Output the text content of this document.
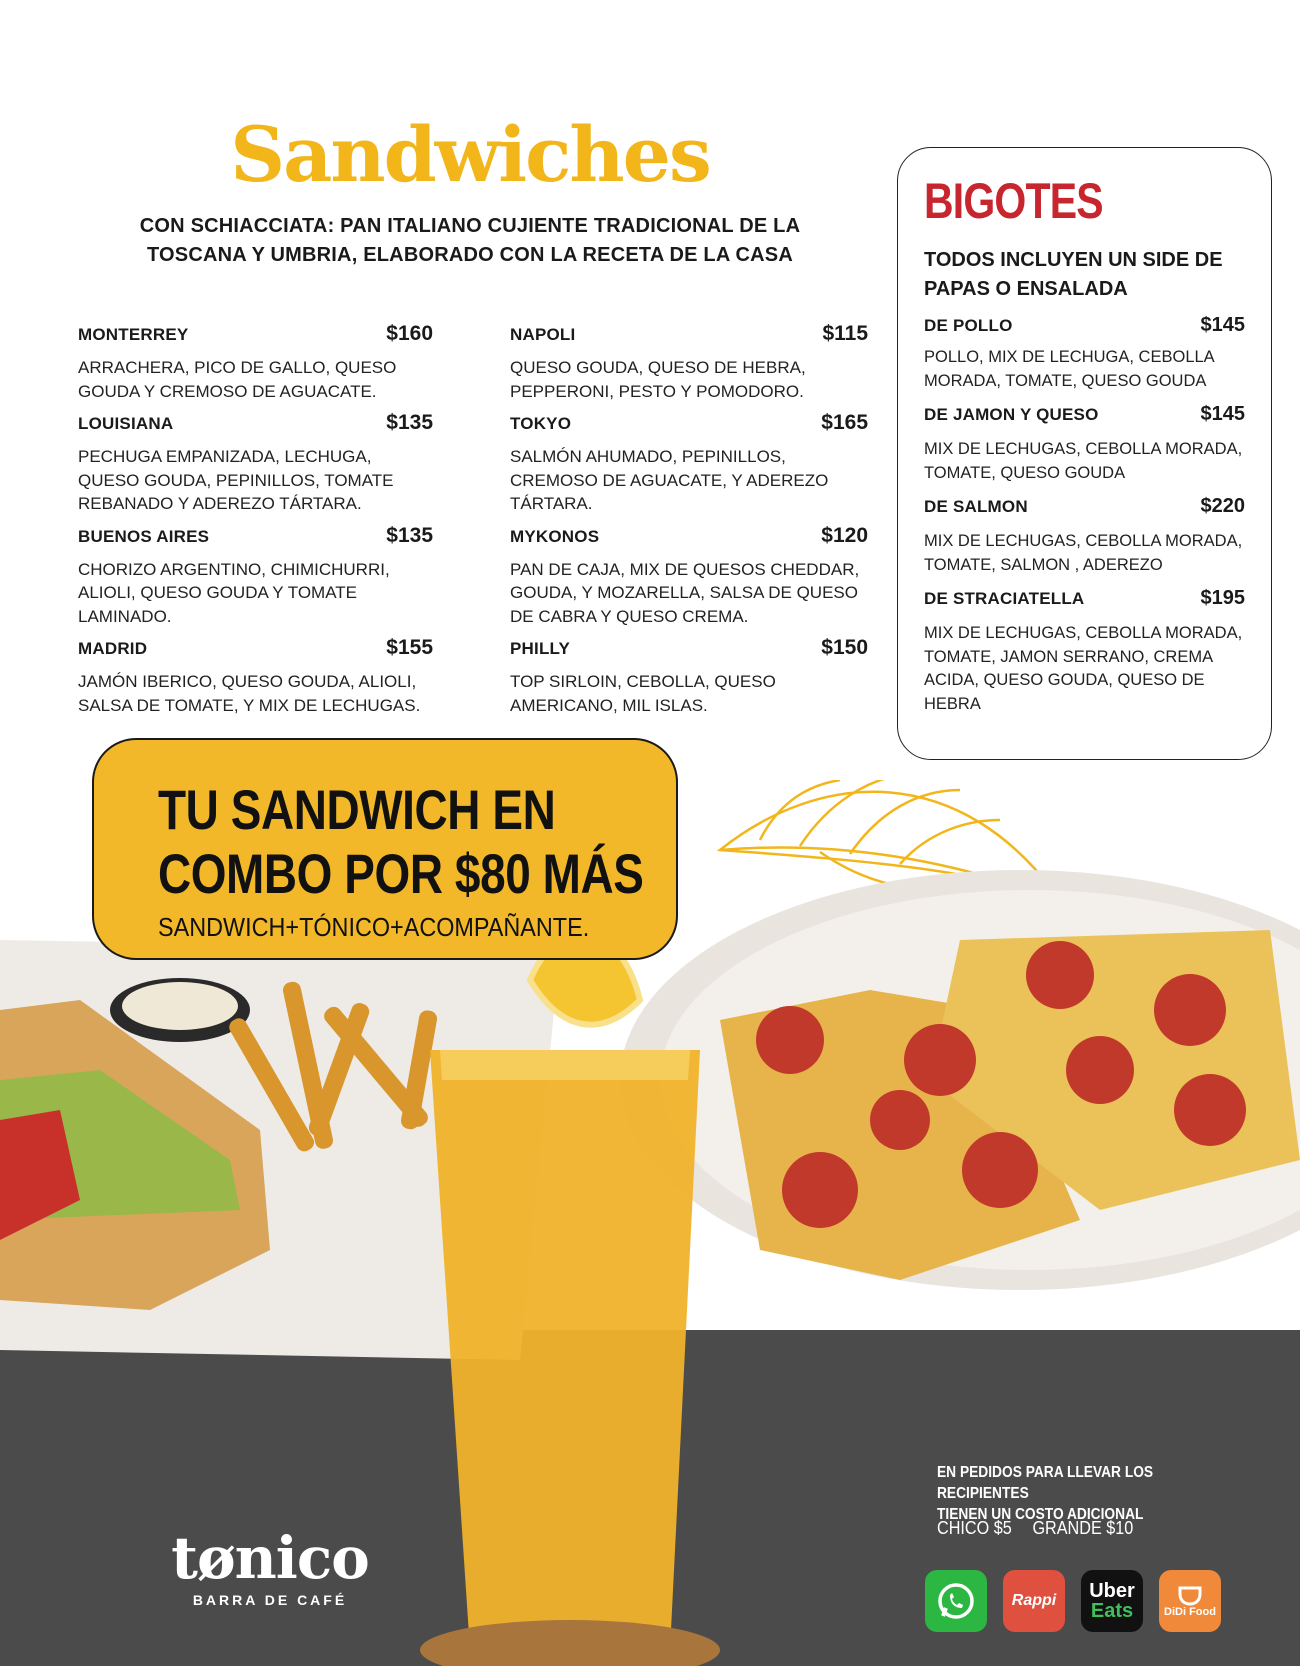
Sandwiches
CON SCHIACCIATA: PAN ITALIANO CUJIENTE TRADICIONAL DE LA
TOSCANA Y UMBRIA, ELABORADO CON LA RECETA DE LA CASA
MONTERREY	$160
ARRACHERA, PICO DE GALLO, QUESO GOUDA Y CREMOSO DE AGUACATE.
LOUISIANA	$135
PECHUGA EMPANIZADA, LECHUGA, QUESO GOUDA, PEPINILLOS, TOMATE REBANADO Y ADEREZO TÁRTARA.
BUENOS AIRES	$135
CHORIZO ARGENTINO, CHIMICHURRI, ALIOLI, QUESO GOUDA Y TOMATE LAMINADO.
MADRID	$155
JAMÓN IBERICO, QUESO GOUDA, ALIOLI, SALSA DE TOMATE, Y MIX DE LECHUGAS.
NAPOLI	$115
QUESO GOUDA, QUESO DE HEBRA, PEPPERONI, PESTO Y POMODORO.
TOKYO	$165
SALMÓN AHUMADO, PEPINILLOS, CREMOSO DE AGUACATE, Y ADEREZO TÁRTARA.
MYKONOS	$120
PAN DE CAJA, MIX DE QUESOS CHEDDAR, GOUDA, Y MOZARELLA, SALSA DE QUESO DE CABRA Y QUESO CREMA.
PHILLY	$150
TOP SIRLOIN, CEBOLLA, QUESO AMERICANO, MIL ISLAS.
BIGOTES
TODOS INCLUYEN UN SIDE DE PAPAS O ENSALADA
DE POLLO	$145
POLLO, MIX DE LECHUGA, CEBOLLA MORADA, TOMATE, QUESO GOUDA
DE JAMON Y QUESO	$145
MIX DE LECHUGAS, CEBOLLA MORADA, TOMATE, QUESO GOUDA
DE SALMON	$220
MIX DE LECHUGAS, CEBOLLA MORADA, TOMATE, SALMON , ADEREZO
DE STRACIATELLA	$195
MIX DE LECHUGAS, CEBOLLA MORADA, TOMATE, JAMON SERRANO, CREMA ACIDA, QUESO GOUDA, QUESO DE HEBRA
TU SANDWICH EN
COMBO POR $80 MÁS
SANDWICH+TÓNICO+ACOMPAÑANTE.
EN PEDIDOS PARA LLEVAR LOS RECIPIENTES
TIENEN UN COSTO ADICIONAL
CHICO $5 GRANDE $10
tønico
BARRA DE CAFÉ	Rappi	Uber
Eats	DiDi Food
